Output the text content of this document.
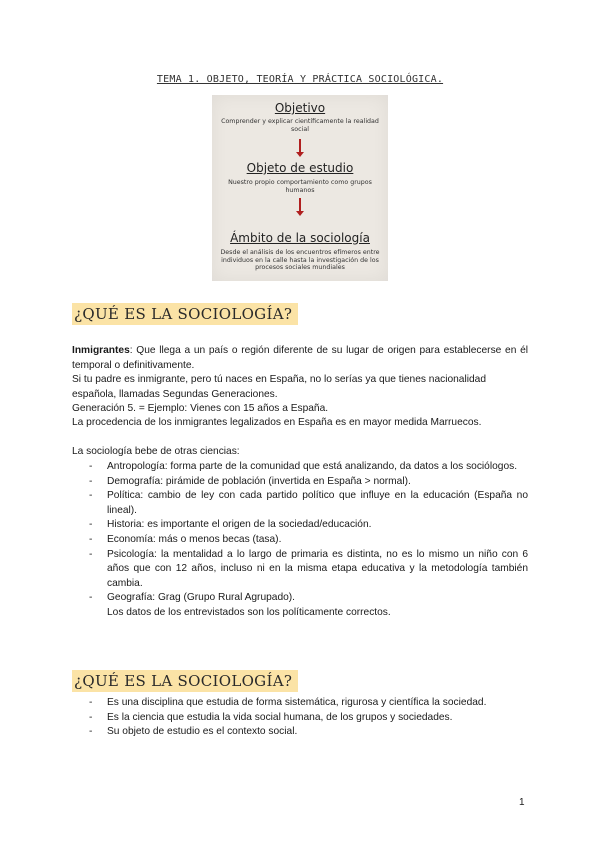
TEMA 1. OBJETO, TEORÍA Y PRÁCTICA SOCIOLÓGICA.
Objetivo
Comprender y explicar científicamente la realidad social
Objeto de estudio
Nuestro propio comportamiento como grupos humanos
Ámbito de la sociología
Desde el análisis de los encuentros efímeros entre individuos en la calle hasta la investigación de los procesos sociales mundiales
¿QUÉ ES LA SOCIOLOGÍA?
Inmigrantes: Que llega a un país o región diferente de su lugar de origen para establecerse en él temporal o definitivamente.
Si tu padre es inmigrante, pero tú naces en España, no lo serías ya que tienes nacionalidad española, llamadas Segundas Generaciones.
Generación 5. = Ejemplo: Vienes con 15 años a España.
La procedencia de los inmigrantes legalizados en España es en mayor medida Marruecos.
La sociología bebe de otras ciencias:
- Antropología: forma parte de la comunidad que está analizando, da datos a los sociólogos.
- Demografía: pirámide de población (invertida en España > normal).
- Política: cambio de ley con cada partido político que influye en la educación (España no lineal).
- Historia: es importante el origen de la sociedad/educación.
- Economía: más o menos becas (tasa).
- Psicología: la mentalidad a lo largo de primaria es distinta, no es lo mismo un niño con 6 años que con 12 años, incluso ni en la misma etapa educativa y la metodología también cambia.
- Geografía: Grag (Grupo Rural Agrupado).
Los datos de los entrevistados son los políticamente correctos.
¿QUÉ ES LA SOCIOLOGÍA?
- Es una disciplina que estudia de forma sistemática, rigurosa y científica la sociedad.
- Es la ciencia que estudia la vida social humana, de los grupos y sociedades.
- Su objeto de estudio es el contexto social.
1
